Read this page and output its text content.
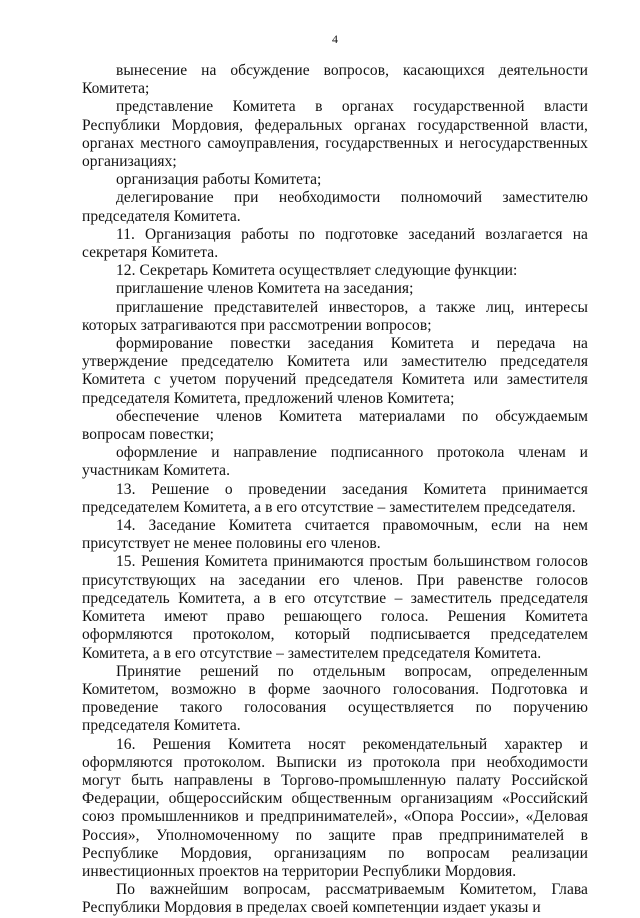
4

вынесение на обсуждение вопросов, касающихся деятельности Комитета;

представление Комитета в органах государственной власти Республики Мордовия, федеральных органах государственной власти, органах местного самоуправления, государственных и негосударственных организациях;

организация работы Комитета;

делегирование при необходимости полномочий заместителю председателя Комитета.

11. Организация работы по подготовке заседаний возлагается на секретаря Комитета.

12. Секретарь Комитета осуществляет следующие функции:

приглашение членов Комитета на заседания;

приглашение представителей инвесторов, а также лиц, интересы которых затрагиваются при рассмотрении вопросов;

формирование повестки заседания Комитета и передача на утверждение председателю Комитета или заместителю председателя Комитета с учетом поручений председателя Комитета или заместителя председателя Комитета, предложений членов Комитета;

обеспечение членов Комитета материалами по обсуждаемым вопросам повестки;

оформление и направление подписанного протокола членам и участникам Комитета.

13. Решение о проведении заседания Комитета принимается председателем Комитета, а в его отсутствие – заместителем председателя.

14. Заседание Комитета считается правомочным, если на нем присутствует не менее половины его членов.

15. Решения Комитета принимаются простым большинством голосов присутствующих на заседании его членов. При равенстве голосов председатель Комитета, а в его отсутствие – заместитель председателя Комитета имеют право решающего голоса. Решения Комитета оформляются протоколом, который подписывается председателем Комитета, а в его отсутствие – заместителем председателя Комитета.

Принятие решений по отдельным вопросам, определенным Комитетом, возможно в форме заочного голосования. Подготовка и проведение такого голосования осуществляется по поручению председателя Комитета.

16. Решения Комитета носят рекомендательный характер и оформляются протоколом. Выписки из протокола при необходимости могут быть направлены в Торгово-промышленную палату Российской Федерации, общероссийским общественным организациям «Российский союз промышленников и предпринимателей», «Опора России», «Деловая Россия», Уполномоченному по защите прав предпринимателей в Республике Мордовия, организациям по вопросам реализации инвестиционных проектов на территории Республики Мордовия.

По важнейшим вопросам, рассматриваемым Комитетом, Глава Республики Мордовия в пределах своей компетенции издает указы и
